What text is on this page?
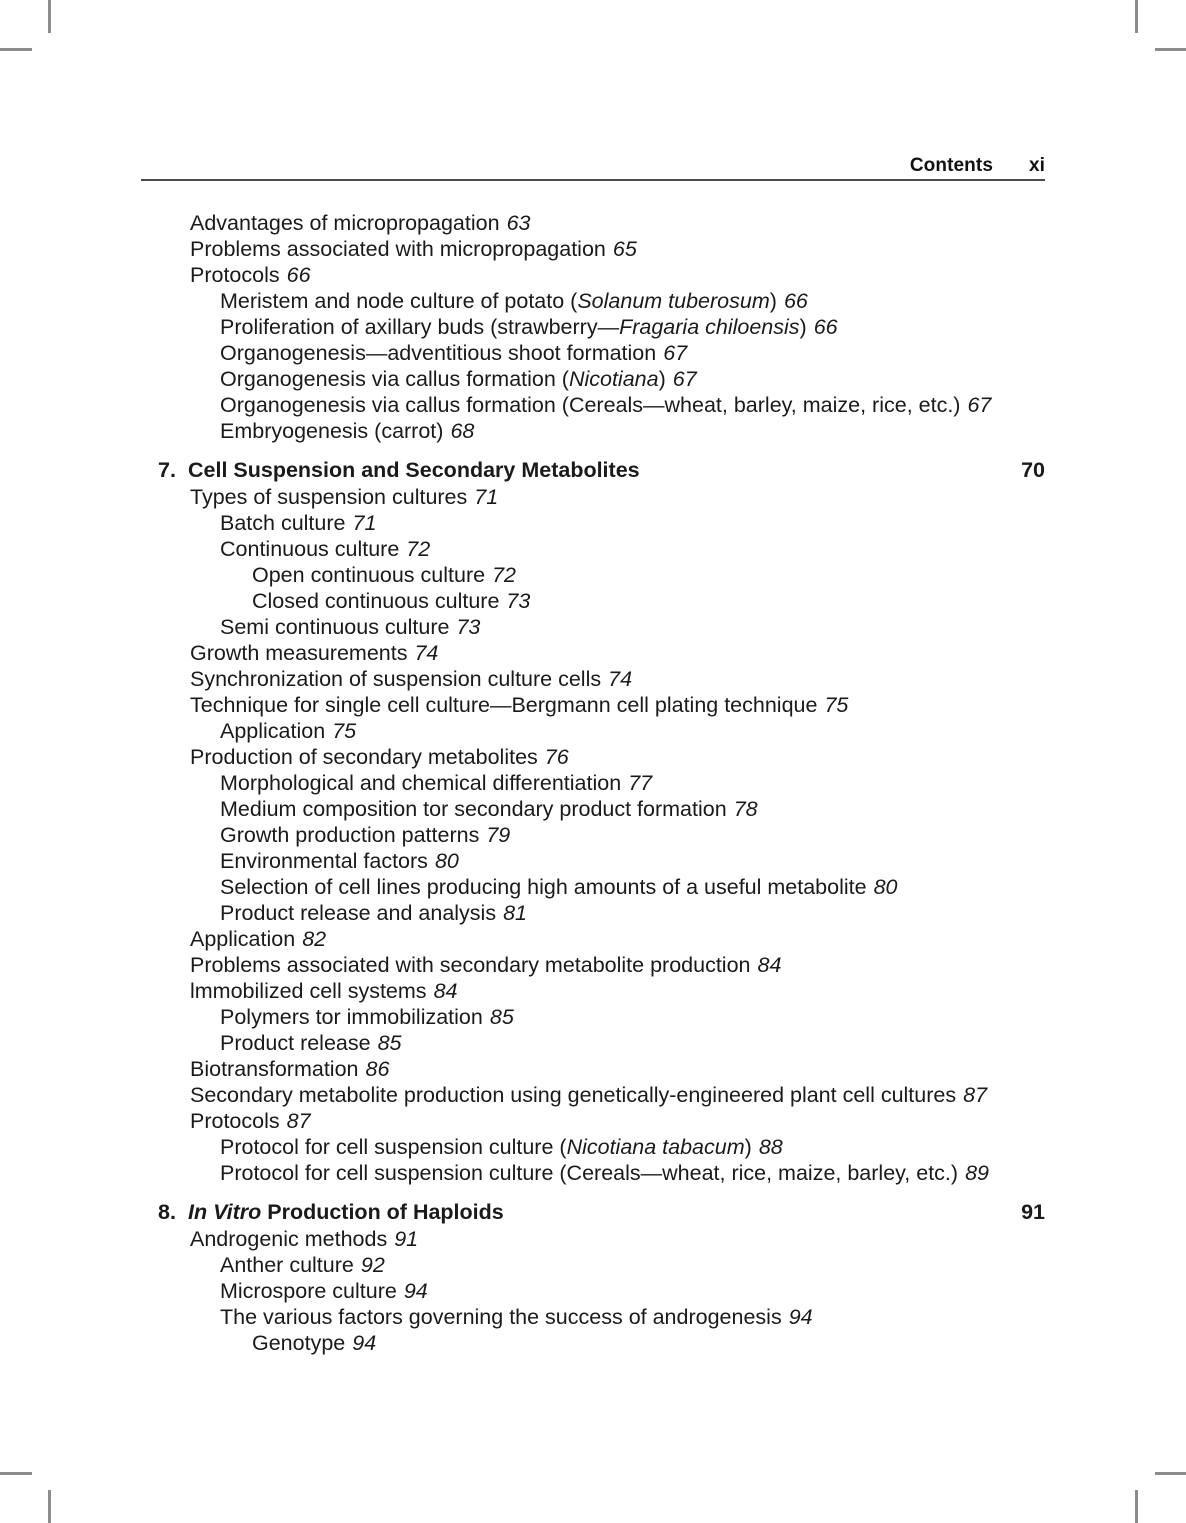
Contents xi
Advantages of micropropagation 63
Problems associated with micropropagation 65
Protocols 66
Meristem and node culture of potato (Solanum tuberosum) 66
Proliferation of axillary buds (strawberry—Fragaria chiloensis) 66
Organogenesis—adventitious shoot formation 67
Organogenesis via callus formation (Nicotiana) 67
Organogenesis via callus formation (Cereals—wheat, barley, maize, rice, etc.) 67
Embryogenesis (carrot) 68
7. Cell Suspension and Secondary Metabolites	70
Types of suspension cultures 71
Batch culture 71
Continuous culture 72
Open continuous culture 72
Closed continuous culture 73
Semi continuous culture 73
Growth measurements 74
Synchronization of suspension culture cells 74
Technique for single cell culture—Bergmann cell plating technique 75
Application 75
Production of secondary metabolites 76
Morphological and chemical differentiation 77
Medium composition tor secondary product formation 78
Growth production patterns 79
Environmental factors 80
Selection of cell lines producing high amounts of a useful metabolite 80
Product release and analysis 81
Application 82
Problems associated with secondary metabolite production 84
lmmobilized cell systems 84
Polymers tor immobilization 85
Product release 85
Biotransformation 86
Secondary metabolite production using genetically-engineered plant cell cultures 87
Protocols 87
Protocol for cell suspension culture (Nicotiana tabacum) 88
Protocol for cell suspension culture (Cereals—wheat, rice, maize, barley, etc.) 89
8. In Vitro Production of Haploids	91
Androgenic methods 91
Anther culture 92
Microspore culture 94
The various factors governing the success of androgenesis 94
Genotype 94
